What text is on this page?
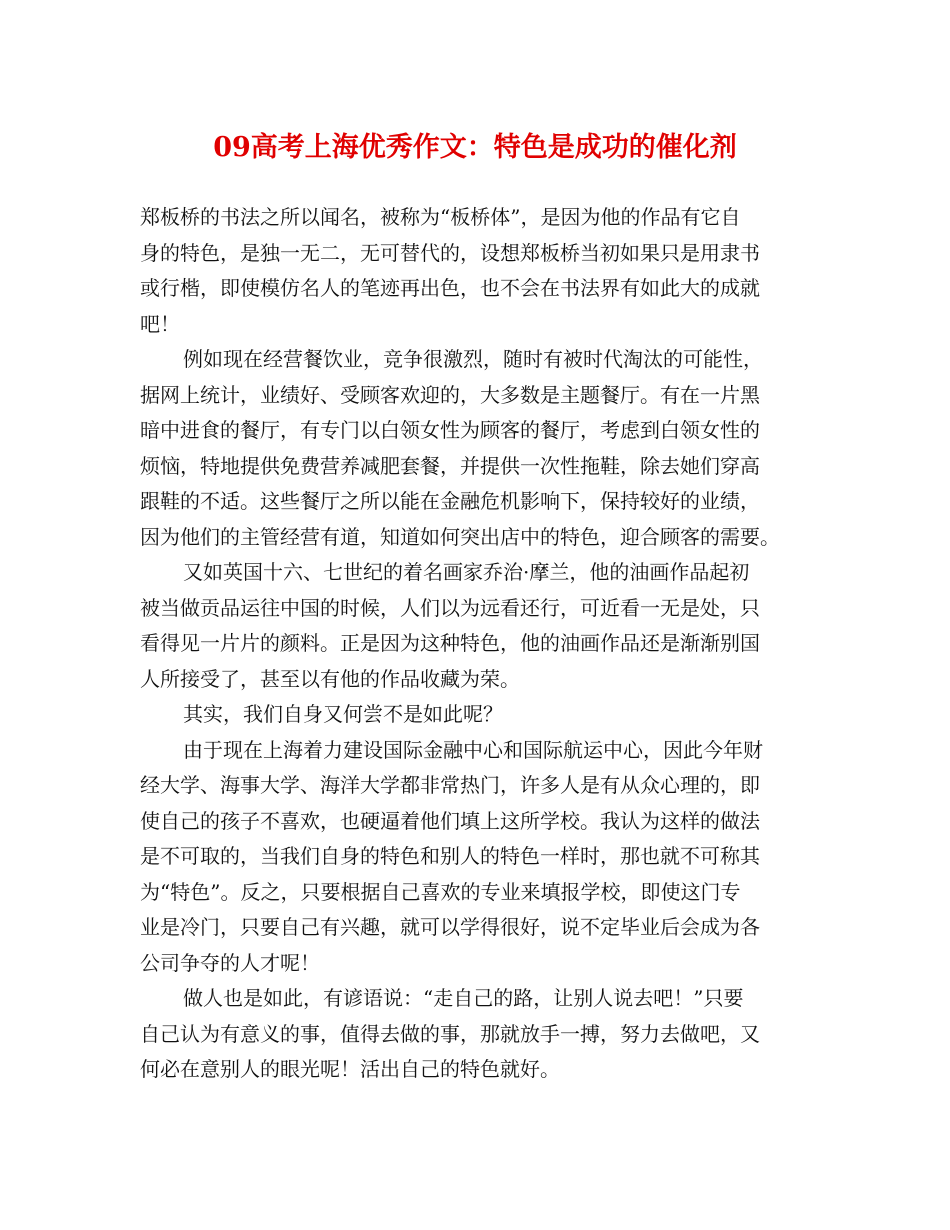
09高考上海优秀作文：特色是成功的催化剂
郑板桥的书法之所以闻名，被称为“板桥体”，是因为他的作品有它自
身的特色，是独一无二，无可替代的，设想郑板桥当初如果只是用隶书
或行楷，即使模仿名人的笔迹再出色，也不会在书法界有如此大的成就
吧！
例如现在经营餐饮业，竞争很激烈，随时有被时代淘汰的可能性，
据网上统计，业绩好、受顾客欢迎的，大多数是主题餐厅。有在一片黑
暗中进食的餐厅，有专门以白领女性为顾客的餐厅，考虑到白领女性的
烦恼，特地提供免费营养减肥套餐，并提供一次性拖鞋，除去她们穿高
跟鞋的不适。这些餐厅之所以能在金融危机影响下，保持较好的业绩，
因为他们的主管经营有道，知道如何突出店中的特色，迎合顾客的需要。
又如英国十六、七世纪的着名画家乔治·摩兰，他的油画作品起初
被当做贡品运往中国的时候，人们以为远看还行，可近看一无是处，只
看得见一片片的颜料。正是因为这种特色，他的油画作品还是渐渐别国
人所接受了，甚至以有他的作品收藏为荣。
其实，我们自身又何尝不是如此呢？
由于现在上海着力建设国际金融中心和国际航运中心，因此今年财
经大学、海事大学、海洋大学都非常热门，许多人是有从众心理的，即
使自己的孩子不喜欢，也硬逼着他们填上这所学校。我认为这样的做法
是不可取的，当我们自身的特色和别人的特色一样时，那也就不可称其
为“特色”。反之，只要根据自己喜欢的专业来填报学校，即使这门专
业是冷门，只要自己有兴趣，就可以学得很好，说不定毕业后会成为各
公司争夺的人才呢！
做人也是如此，有谚语说：“走自己的路，让别人说去吧！”只要
自己认为有意义的事，值得去做的事，那就放手一搏，努力去做吧，又
何必在意别人的眼光呢！活出自己的特色就好。
